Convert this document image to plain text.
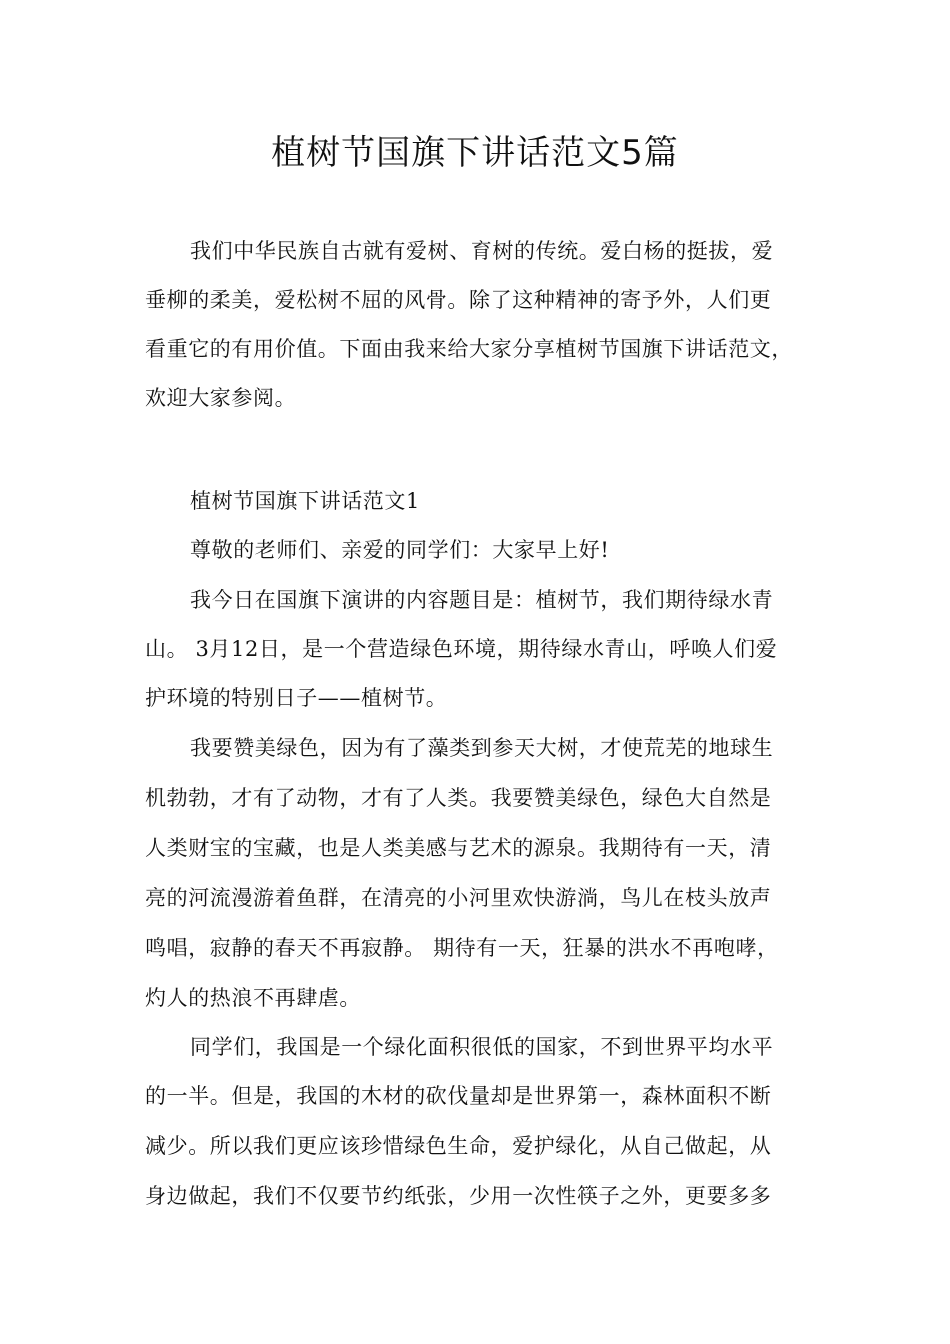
植树节国旗下讲话范文5篇
我们中华民族自古就有爱树、育树的传统。爱白杨的挺拔，爱
垂柳的柔美，爱松树不屈的风骨。除了这种精神的寄予外，人们更
看重它的有用价值。下面由我来给大家分享植树节国旗下讲话范文，
欢迎大家参阅。
植树节国旗下讲话范文1
尊敬的老师们、亲爱的同学们：大家早上好!
我今日在国旗下演讲的内容题目是：植树节，我们期待绿水青
山。 3月12日，是一个营造绿色环境，期待绿水青山，呼唤人们爱
护环境的特别日子——植树节。
我要赞美绿色，因为有了藻类到参天大树，才使荒芜的地球生
机勃勃，才有了动物，才有了人类。我要赞美绿色，绿色大自然是
人类财宝的宝藏，也是人类美感与艺术的源泉。我期待有一天，清
亮的河流漫游着鱼群，在清亮的小河里欢快游淌，鸟儿在枝头放声
鸣唱，寂静的春天不再寂静。 期待有一天，狂暴的洪水不再咆哮，
灼人的热浪不再肆虐。
同学们，我国是一个绿化面积很低的国家，不到世界平均水平
的一半。但是，我国的木材的砍伐量却是世界第一，森林面积不断
减少。所以我们更应该珍惜绿色生命，爱护绿化，从自己做起，从
身边做起，我们不仅要节约纸张，少用一次性筷子之外，更要多多
